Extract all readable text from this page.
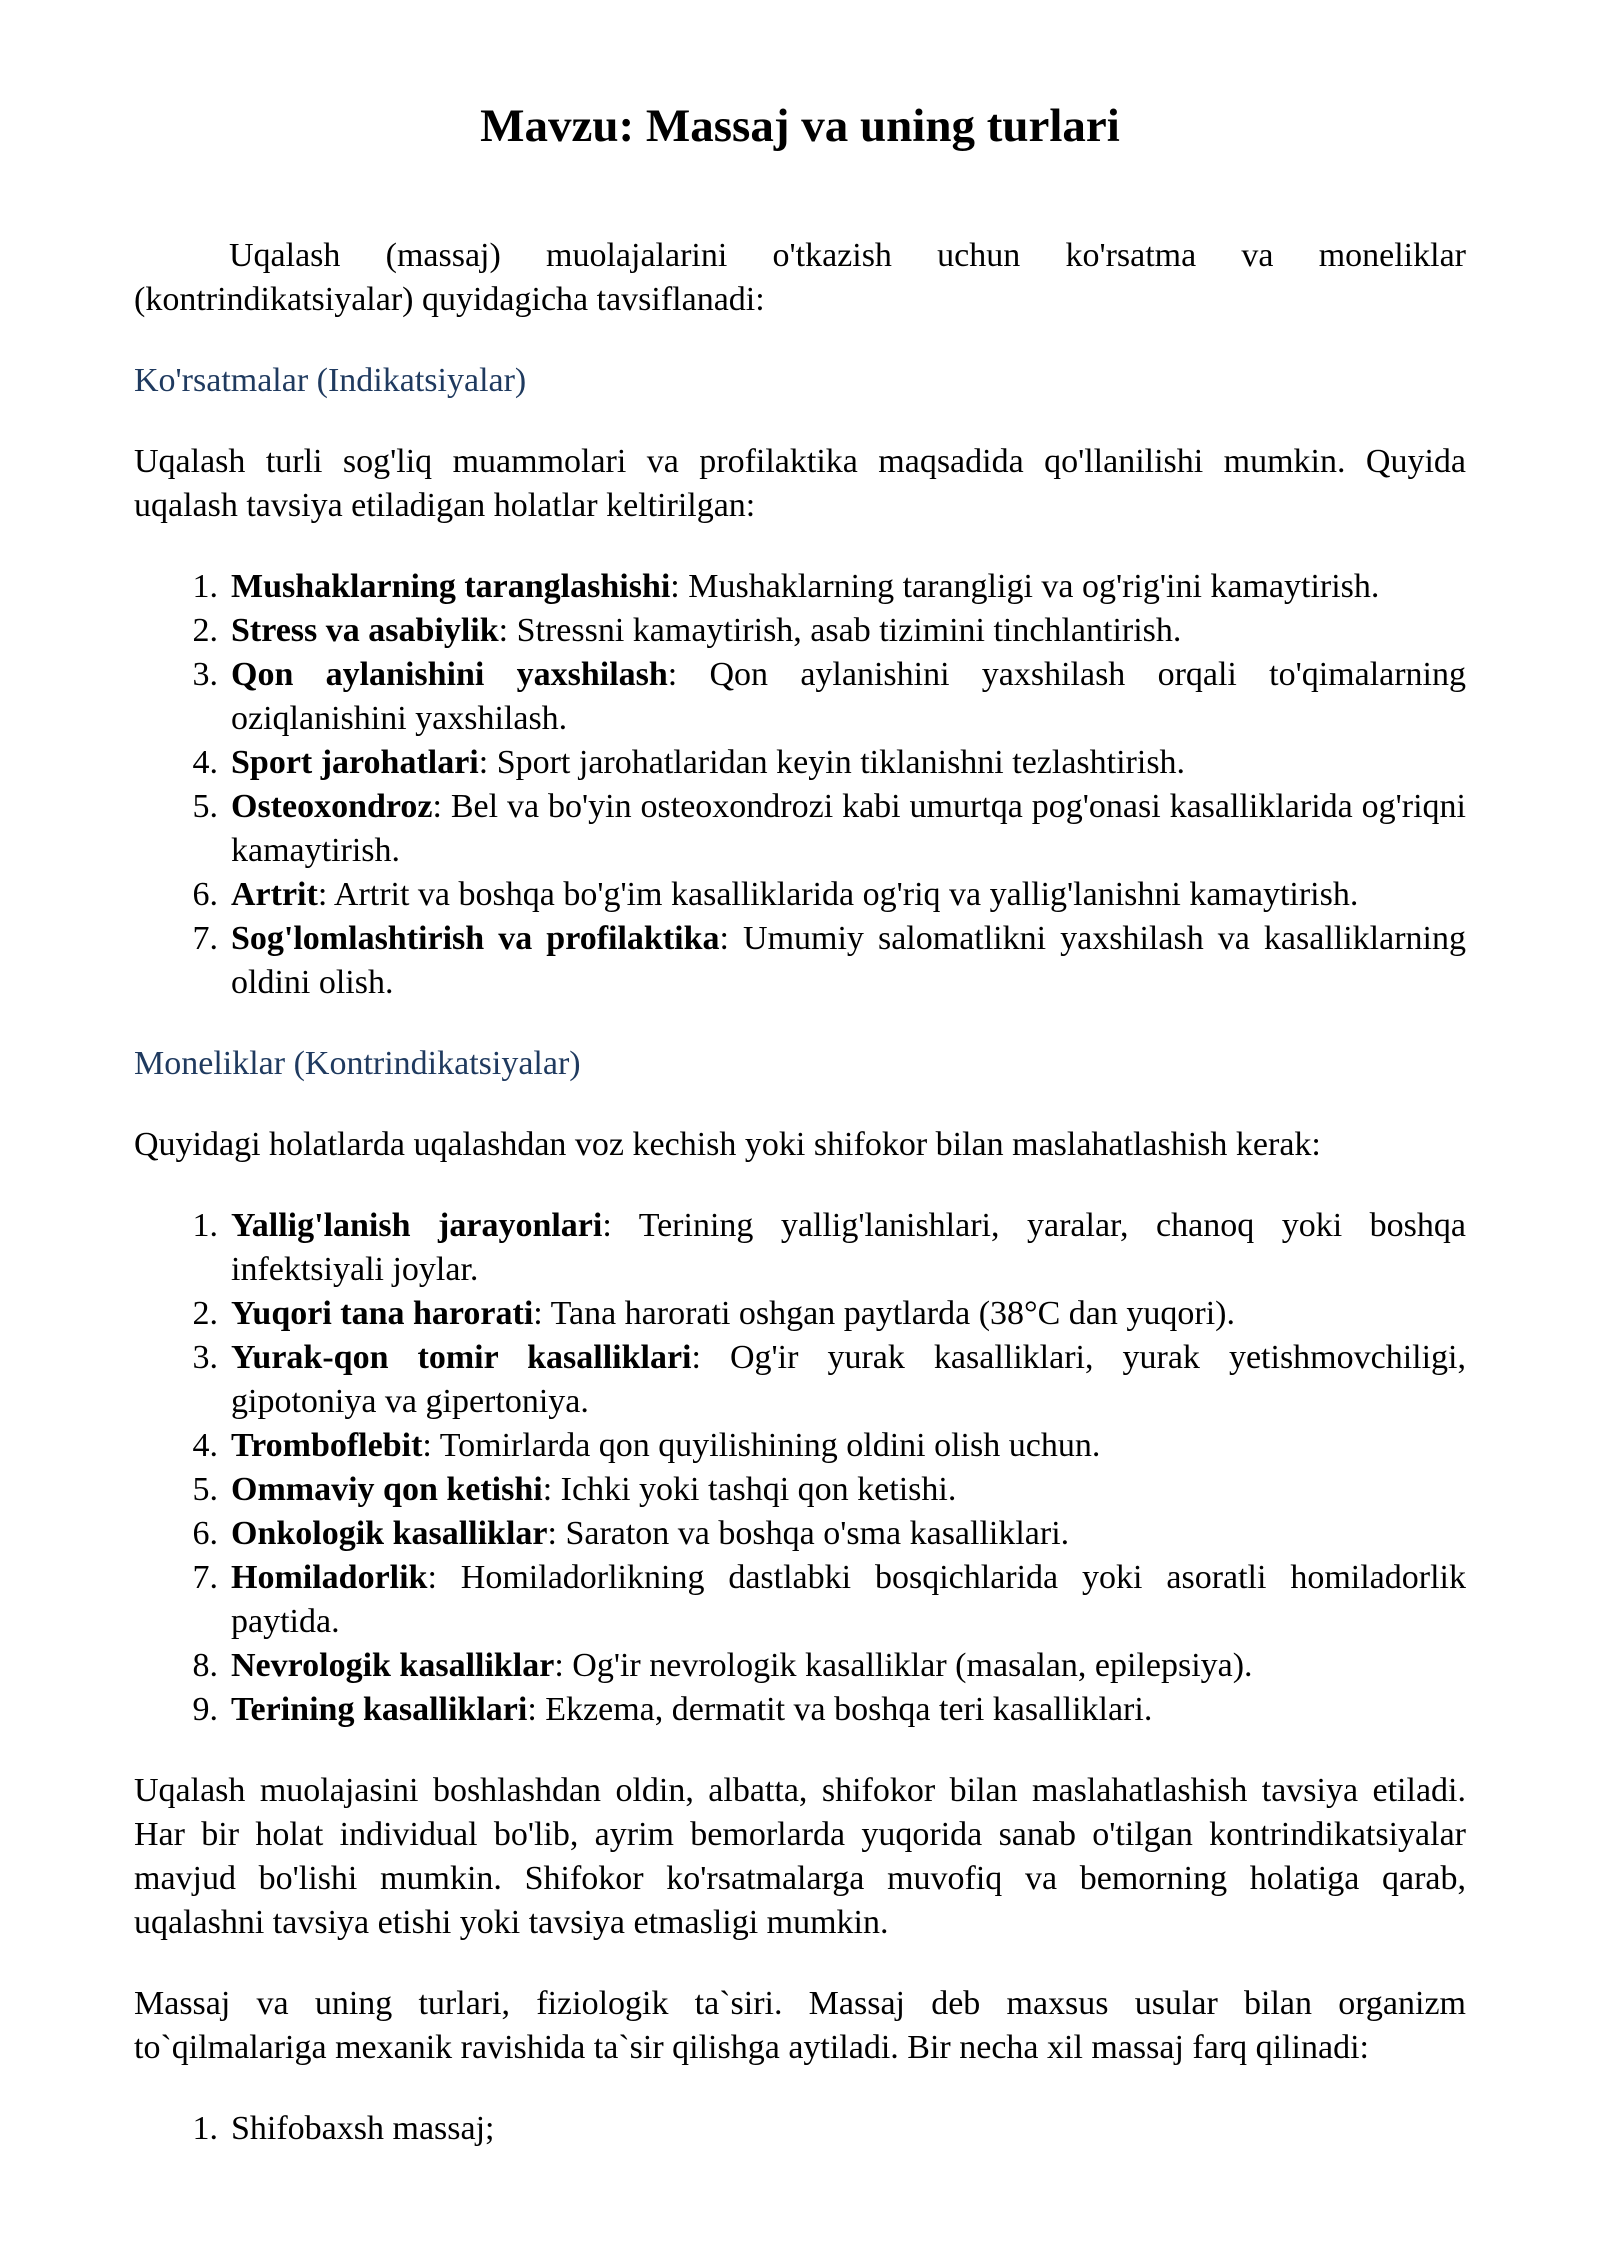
Mavzu: Massaj va uning turlari

Uqalash (massaj) muolajalarini o'tkazish uchun ko'rsatma va moneliklar (kontrindikatsiyalar) quyidagicha tavsiflanadi:

Ko'rsatmalar (Indikatsiyalar)

Uqalash turli sog'liq muammolari va profilaktika maqsadida qo'llanilishi mumkin. Quyida uqalash tavsiya etiladigan holatlar keltirilgan:

1. Mushaklarning taranglashishi: Mushaklarning tarangligi va og'rig'ini kamaytirish.
2. Stress va asabiylik: Stressni kamaytirish, asab tizimini tinchlantirish.
3. Qon aylanishini yaxshilash: Qon aylanishini yaxshilash orqali to'qimalarning oziqlanishini yaxshilash.
4. Sport jarohatlari: Sport jarohatlaridan keyin tiklanishni tezlashtirish.
5. Osteoxondroz: Bel va bo'yin osteoxondrozi kabi umurtqa pog'onasi kasalliklarida og'riqni kamaytirish.
6. Artrit: Artrit va boshqa bo'g'im kasalliklarida og'riq va yallig'lanishni kamaytirish.
7. Sog'lomlashtirish va profilaktika: Umumiy salomatlikni yaxshilash va kasalliklarning oldini olish.

Moneliklar (Kontrindikatsiyalar)

Quyidagi holatlarda uqalashdan voz kechish yoki shifokor bilan maslahatlashish kerak:

1. Yallig'lanish jarayonlari: Terining yallig'lanishlari, yaralar, chanoq yoki boshqa infektsiyali joylar.
2. Yuqori tana harorati: Tana harorati oshgan paytlarda (38°C dan yuqori).
3. Yurak-qon tomir kasalliklari: Og'ir yurak kasalliklari, yurak yetishmovchiligi, gipotoniya va gipertoniya.
4. Tromboflebit: Tomirlarda qon quyilishining oldini olish uchun.
5. Ommaviy qon ketishi: Ichki yoki tashqi qon ketishi.
6. Onkologik kasalliklar: Saraton va boshqa o'sma kasalliklari.
7. Homiladorlik: Homiladorlikning dastlabki bosqichlarida yoki asoratli homiladorlik paytida.
8. Nevrologik kasalliklar: Og'ir nevrologik kasalliklar (masalan, epilepsiya).
9. Terining kasalliklari: Ekzema, dermatit va boshqa teri kasalliklari.

Uqalash muolajasini boshlashdan oldin, albatta, shifokor bilan maslahatlashish tavsiya etiladi. Har bir holat individual bo'lib, ayrim bemorlarda yuqorida sanab o'tilgan kontrindikatsiyalar mavjud bo'lishi mumkin. Shifokor ko'rsatmalarga muvofiq va bemorning holatiga qarab, uqalashni tavsiya etishi yoki tavsiya etmasligi mumkin.

Massaj va uning turlari, fiziologik ta`siri. Massaj deb maxsus usular bilan organizm to`qilmalariga mexanik ravishida ta`sir qilishga aytiladi. Bir necha xil massaj farq qilinadi:

1. Shifobaxsh massaj;
